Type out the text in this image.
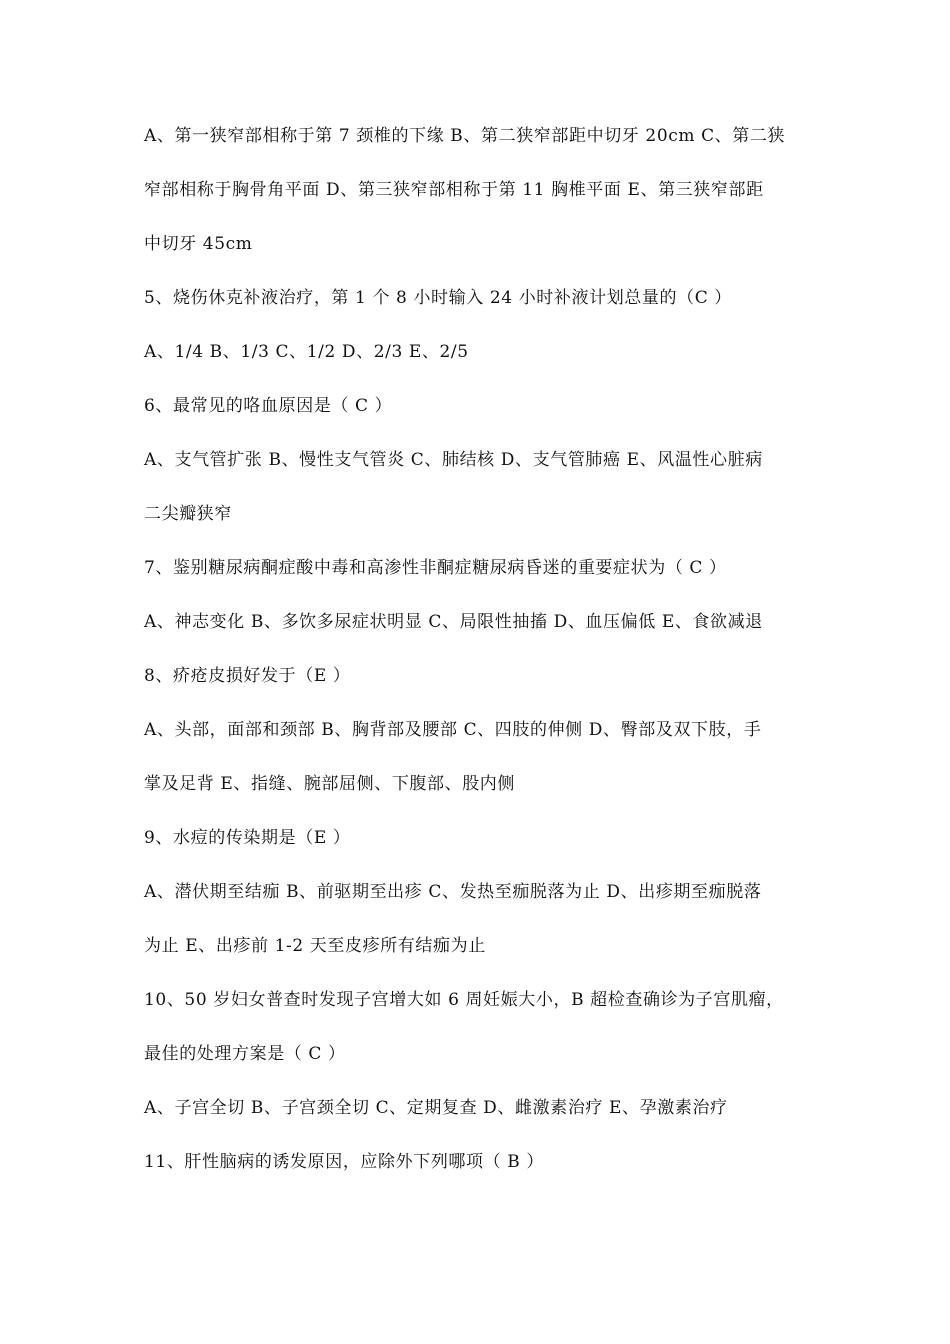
A、第一狭窄部相称于第 7 颈椎的下缘 B、第二狭窄部距中切牙 20cm C、第二狭
窄部相称于胸骨角平面 D、第三狭窄部相称于第 11 胸椎平面 E、第三狭窄部距
中切牙 45cm
5、烧伤休克补液治疗，第 1 个 8 小时输入 24 小时补液计划总量的（C ）
A、1/4 B、1/3 C、1/2 D、2/3 E、2/5
6、最常见的咯血原因是（ C ）
A、支气管扩张 B、慢性支气管炎 C、肺结核 D、支气管肺癌 E、风温性心脏病
二尖瓣狭窄
7、鉴别糖尿病酮症酸中毒和高渗性非酮症糖尿病昏迷的重要症状为（ C ）
A、神志变化 B、多饮多尿症状明显 C、局限性抽搐 D、血压偏低 E、食欲减退
8、疥疮皮损好发于（E ）
A、头部，面部和颈部 B、胸背部及腰部 C、四肢的伸侧 D、臀部及双下肢，手
掌及足背 E、指缝、腕部屈侧、下腹部、股内侧
9、水痘的传染期是（E ）
A、潜伏期至结痂 B、前驱期至出疹 C、发热至痂脱落为止 D、出疹期至痂脱落
为止 E、出疹前 1-2 天至皮疹所有结痂为止
10、50 岁妇女普查时发现子宫增大如 6 周妊娠大小，B 超检查确诊为子宫肌瘤，
最佳的处理方案是（ C ）
A、子宫全切 B、子宫颈全切 C、定期复查 D、雌激素治疗 E、孕激素治疗
11、肝性脑病的诱发原因，应除外下列哪项（ B ）
